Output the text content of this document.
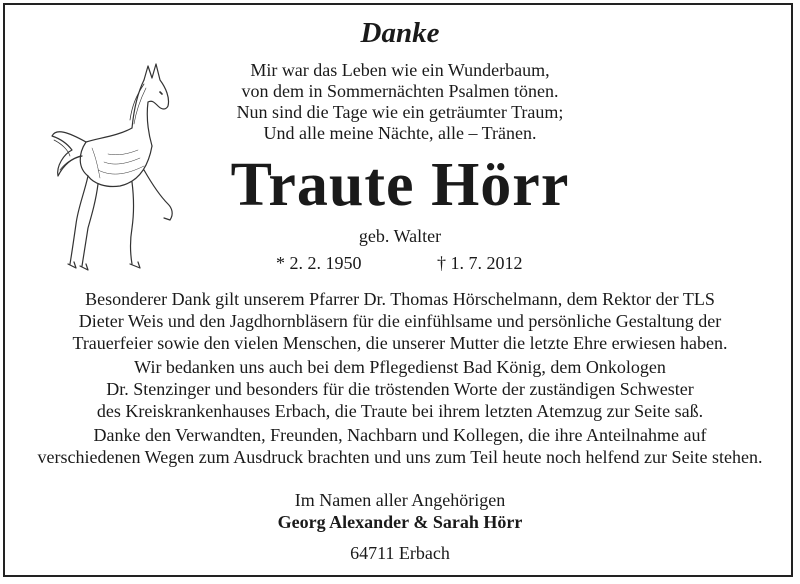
Danke
Mir war das Leben wie ein Wunderbaum,
von dem in Sommernächten Psalmen tönen.
Nun sind die Tage wie ein geträumter Traum;
Und alle meine Nächte, alle – Tränen.
Traute Hörr
geb. Walter
* 2. 2. 1950	† 1. 7. 2012

Besonderer Dank gilt unserem Pfarrer Dr. Thomas Hörschelmann, dem Rektor der TLS
Dieter Weis und den Jagdhornbläsern für die einfühlsame und persönliche Gestaltung der
Trauerfeier sowie den vielen Menschen, die unserer Mutter die letzte Ehre erwiesen haben.

Wir bedanken uns auch bei dem Pflegedienst Bad König, dem Onkologen
Dr. Stenzinger und besonders für die tröstenden Worte der zuständigen Schwester
des Kreiskrankenhauses Erbach, die Traute bei ihrem letzten Atemzug zur Seite saß.

Danke den Verwandten, Freunden, Nachbarn und Kollegen, die ihre Anteilnahme auf
verschiedenen Wegen zum Ausdruck brachten und uns zum Teil heute noch helfend zur Seite stehen.

Im Namen aller Angehörigen
Georg Alexander & Sarah Hörr
64711 Erbach
